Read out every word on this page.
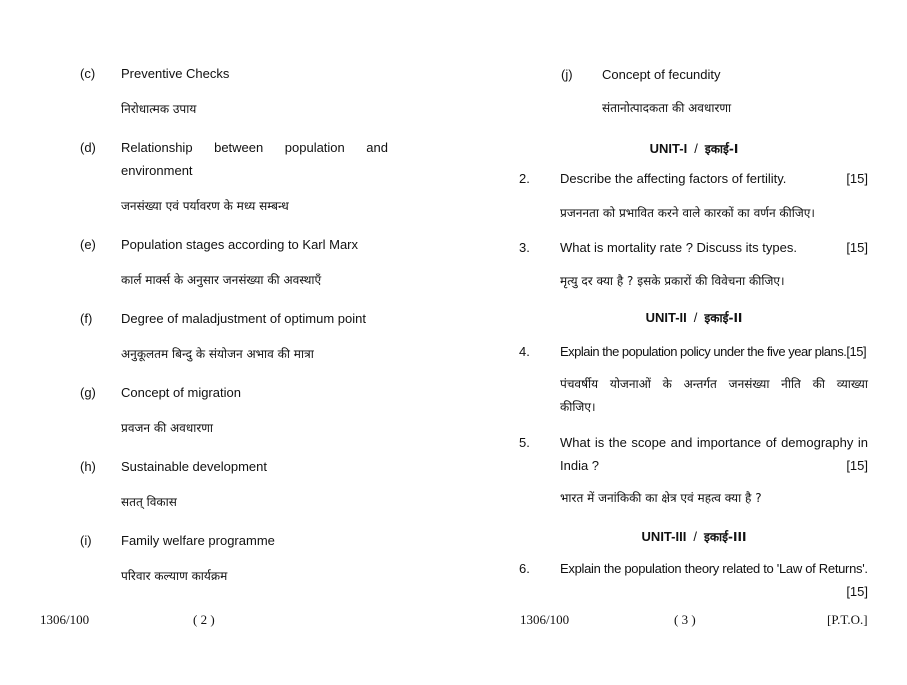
(c) Preventive Checks
निरोधात्मक उपाय
(d) Relationship between population and
environment
जनसंख्या एवं पर्यावरण के मध्य सम्बन्ध
(e) Population stages according to Karl Marx
कार्ल मार्क्स के अनुसार जनसंख्या की अवस्थाएँ
(f) Degree of maladjustment of optimum point
अनुकूलतम बिन्दु के संयोजन अभाव की मात्रा
(g) Concept of migration
प्रवजन की अवधारणा
(h) Sustainable development
सतत् विकास
(i) Family welfare programme
परिवार कल्याण कार्यक्रम
1306/100	( 2 )
(j) Concept of fecundity
संतानोत्पादकता की अवधारणा
UNIT-I / इकाई-I
2. Describe the affecting factors of fertility.	[15]
प्रजननता को प्रभावित करने वाले कारकों का वर्णन कीजिए।
3. What is mortality rate ? Discuss its types.	[15]
मृत्यु दर क्या है ? इसके प्रकारों की विवेचना कीजिए।
UNIT-II / इकाई-II
4. Explain the population policy under the five year plans.[15]
पंचवर्षीय योजनाओं के अन्तर्गत जनसंख्या नीति की व्याख्या
कीजिए।
5. What is the scope and importance of demography in
India ?	[15]
भारत में जनांकिकी का क्षेत्र एवं महत्व क्या है ?
UNIT-III / इकाई-III
6. Explain the population theory related to 'Law of Returns'.
[15]
1306/100	( 3 )	[P.T.O.]
